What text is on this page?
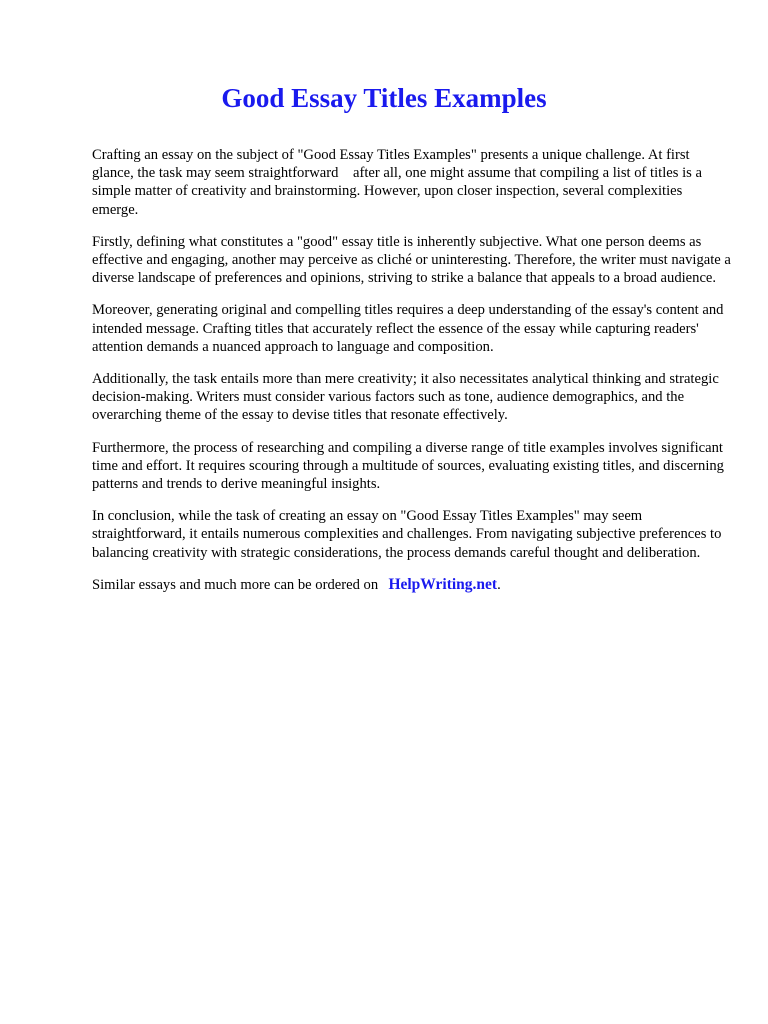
Good Essay Titles Examples

Crafting an essay on the subject of "Good Essay Titles Examples" presents a unique challenge. At first glance, the task may seem straightforward    after all, one might assume that compiling a list of titles is a simple matter of creativity and brainstorming. However, upon closer inspection, several complexities emerge.

Firstly, defining what constitutes a "good" essay title is inherently subjective. What one person deems as effective and engaging, another may perceive as cliché or uninteresting. Therefore, the writer must navigate a diverse landscape of preferences and opinions, striving to strike a balance that appeals to a broad audience.

Moreover, generating original and compelling titles requires a deep understanding of the essay's content and intended message. Crafting titles that accurately reflect the essence of the essay while capturing readers' attention demands a nuanced approach to language and composition.

Additionally, the task entails more than mere creativity; it also necessitates analytical thinking and strategic decision-making. Writers must consider various factors such as tone, audience demographics, and the overarching theme of the essay to devise titles that resonate effectively.

Furthermore, the process of researching and compiling a diverse range of title examples involves significant time and effort. It requires scouring through a multitude of sources, evaluating existing titles, and discerning patterns and trends to derive meaningful insights.

In conclusion, while the task of creating an essay on "Good Essay Titles Examples" may seem straightforward, it entails numerous complexities and challenges. From navigating subjective preferences to balancing creativity with strategic considerations, the process demands careful thought and deliberation.

Similar essays and much more can be ordered on HelpWriting.net.
